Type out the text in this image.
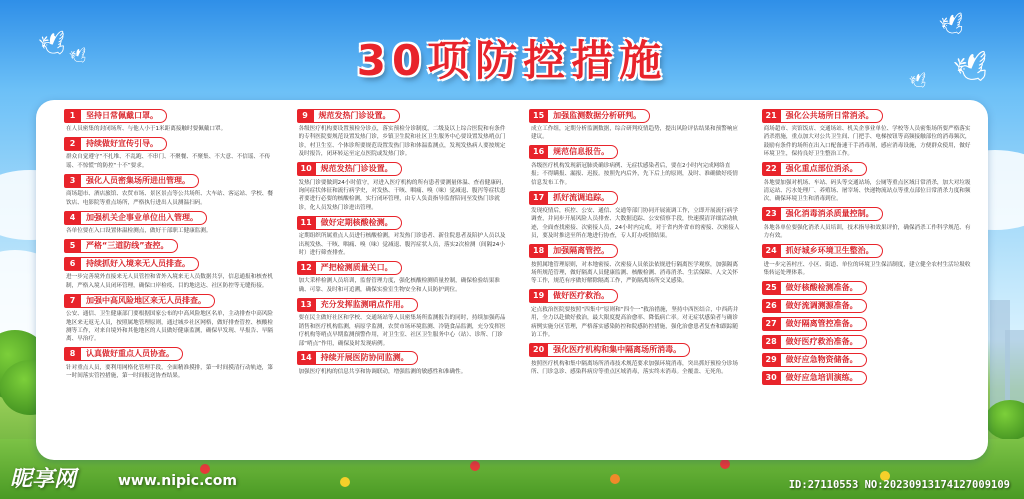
🕊
🕊
🕊
🕊
🕊
30项防控措施
1	坚持日常佩戴口罩。

在人员密集的封闭场所、与他人小于1米距离接触时要佩戴口罩。

2	持续做好宣传引导。

群众自觉遵守“不扎堆、不乱跑、不串门、不聚餐、不聚集、不大意、不信谣、不传谣、不惊慌”的防控“十不”要求。

3	强化人员密集场所进出管理。

商场超市、酒店旅馆、农贸市场、景区景点等公共场所、大车站、客运站、学校、餐饮店、电影院等重点场所，严格执行进出人员测温扫码。

4	加强机关企事业单位出入管理。

各单位要在入口设置体温检测点，做好干部职工健康监测。

5	严格“三道防线”查控。
6	持续抓好入境来无人员排查。

进一步完善境外直接来无人员管控和省外入境来无人员数据共享，信息通报和核查机制，严格入境人员闭环管理，确保口岸检疫、目的地送达、社区防控等无缝衔接。

7	加强中高风险地区来无人员排查。

公安、通信、卫生健康部门要根据国家公布的中高风险地区名单，主动排查中高风险地区来无返无人员，按照属地管理原则，通过城乡社区网格，做好排查管控、核酸检测等工作，对来自境外和其他地区的人员做好健康监测，确保早发现、早报告、早隔离、早治疗。

8	认真做好重点人员协查。

针对重点人员，要利用网格化管理手段，全面精准摸排，第一时间摸清行动轨迹，第一时间落实管控措施，第一时间报送协查结果。

9	规范发热门诊设置。

各级医疗机构要设置预检分诊点，落实预检分诊制度，二级及以上综合医院和有条件的专科医院要规范设置发热门诊，乡镇卫生院和社区卫生服务中心要设置发热哨点门诊，村卫生室、个体诊所要规范设置发热门诊和体温监测点，发现发热病人要按规定及时报告，闭环转运至定点医院或发热门诊。

10	规范发热门诊设置。

发热门诊要做到24小时值守，对进入医疗机构的所有患者要测量体温、查看健康码，询问症状体征和流行病学史，对发热、干咳、咽痛、嗅（味）觉减退、腹泻等症状患者要进行必要的核酸检测，实行闭环管理，由专人负责指导监督陪同至发热门诊就诊，化人员发热门诊进出管理。

11	做好定期核酸检测。

定期组织所属重点人员进行核酸检测，对发热门诊患者、新住院患者及陪护人员以及出现发热、干咳、咽痛、嗅（味）觉减退、腹泻症状人员，落实2次检测（间隔24小时）进行筛查排查。

12	严把检测质量关口。

加大采样检测人员培训，监督管理力度，强化核酸检测质量控制，确保检验结果准确、可靠、及时和可追溯，确保实验室生物安全和人员防护到位。

13	充分发挥监测哨点作用。

要在民主做好社区和学校、交通场站等人员密集场所监测报告的同时，持续加强药品销售和医疗机构监测，病原学监测，农贸市场环境监测、冷链食品监测，充分发挥医疗机构等哨点早期监测预警作用，对卫生室、社区卫生服务中心（站）、诊所、门诊部“哨点”作用，确保及时发现病例。

14	持续开展医防协同监测。

加强医疗机构的信息共享和协调联动，增强监测的敏感性和准确性。

15	加强监测数据分析研判。

成立工作组，定期分析监测数据，综合研判疫情趋势，提出风险评估结果和预警响应建议。

16	规范信息报告。

各级医疗机构发现新冠肺炎确诊病例、无症状感染者后，要在2小时内完成网络直报；不得瞒报、漏报、迟报。按照先内后外，先下后上的原则，及时、准确做好疫情信息发布工作。

17	抓好流调追踪。

发现疫情后，疾控、公安、通信、交通等部门协同开展流调工作，立即开展流行病学调查，并同步开展风险人员排查、大数据追踪、公安侦察手段，快速摸清详细活动轨迹，全面查找密接、次密接人员，24小时内完成，对于省内外省市的密接、次密接人员，要及时推送至所在地进行协查，专人盯办疫情结果。

18	加强隔离管控。

按照属地管理原则，对本地密接、次密接人员依法依规进行隔离医学观察，加强隔离场所规范管理，做好隔离人员健康监测、核酸检测、消毒消杀、生活保障、人文关怀等工作，规范有序做好解除隔离工作，严防隔离场所交叉感染。

19	做好医疗救治。

定点救治医院要按照“四集中”原则和“四个一”救治措施，坚持中西医结合，中西药并用，全力以赴做好救治，最大限度提高治愈率、降低病亡率。对无症状感染者与确诊病例实施分区管理，严格落实感染防控和院感防控措施，强化治愈患者复查和跟踪随访工作。

20	强化医疗机构和集中隔离场所消毒。

按照医疗机构和集中隔离场所消毒技术规范要求加强环境消毒，突出抓好预检分诊场所、门诊急诊、感染科病房等重点区域消毒，落实终末消毒。全覆盖、无死角。

21	强化公共场所日常消杀。

商场超市、宾馆饭店、交通场站、机关企事业单位、学校等人员密集场所要严格落实消杀措施，重点加大对公共卫生间、门把手、电梯按钮等高频接触部位的消毒频次，鼓励有条件的场所在出入口配备速干手消毒剂，感应消毒设施，方便群众使用，做好环境卫生，保持良好卫生整治工作。

22	强化重点部位消杀。

各地要加强对机场、车站、码头等交通站场，公厕等重点区域日常消杀，加大对垃圾清运站、污水处理厂、养殖场、屠宰场、快递物流站点等重点部位日常消杀力度和频次，确保环境卫生和消毒到位。

23	强化消毒消杀质量控制。

各地各单位要强化消杀人员培训，技术指导和效果评价，确保消杀工作科学规范、有力有效。

24	抓好城乡环境卫生整治。

进一步完善村庄、小区、街道、单位的环境卫生保洁制度，建立健全农村生活垃圾收集转运处理体系。

25	做好核酸检测准备。
26	做好流调测源准备。
27	做好隔离管控准备。
28	做好医疗救治准备。
29	做好应急物资储备。
30	做好应急培训演练。
昵享网	www.nipic.com	ID:27110553 NO:20230913174127009109
